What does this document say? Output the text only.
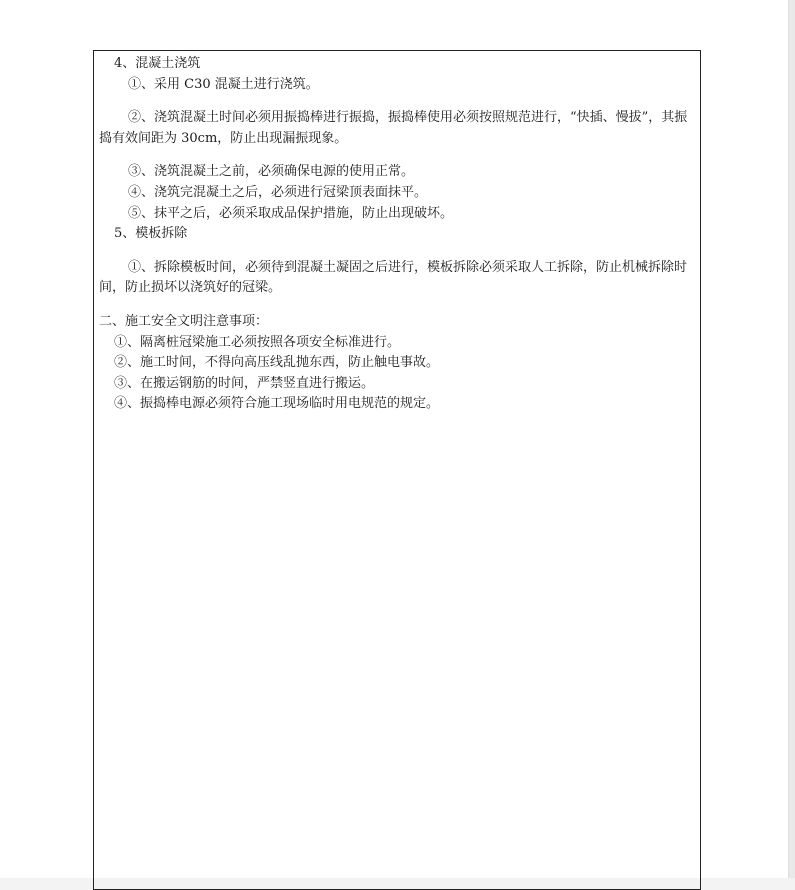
4、混凝土浇筑

①、采用 C30 混凝土进行浇筑。

②、浇筑混凝土时间必须用振捣棒进行振捣，振捣棒使用必须按照规范进行，“快插、慢拔”，其振捣有效间距为 30cm，防止出现漏振现象。

③、浇筑混凝土之前，必须确保电源的使用正常。

④、浇筑完混凝土之后，必须进行冠梁顶表面抹平。

⑤、抹平之后，必须采取成品保护措施，防止出现破坏。

5、模板拆除

①、拆除模板时间，必须待到混凝土凝固之后进行，模板拆除必须采取人工拆除，防止机械拆除时间，防止损坏以浇筑好的冠梁。

二、施工安全文明注意事项：

①、隔离桩冠梁施工必须按照各项安全标准进行。

②、施工时间，不得向高压线乱抛东西，防止触电事故。

③、在搬运钢筋的时间，严禁竖直进行搬运。

④、振捣棒电源必须符合施工现场临时用电规范的规定。
